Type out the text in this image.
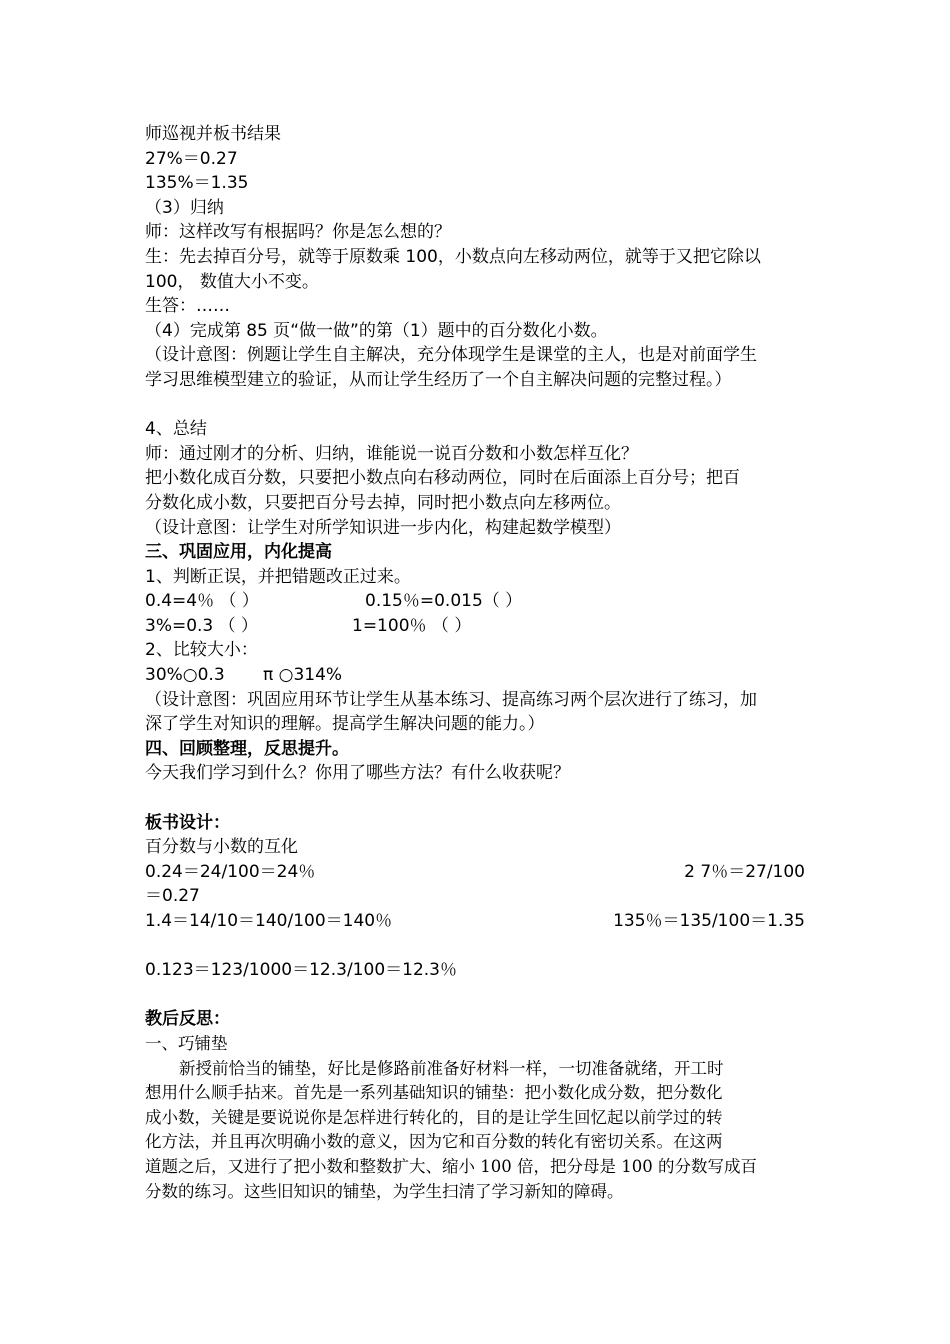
师巡视并板书结果
27%＝0.27
135%＝1.35
（3）归纳
师：这样改写有根据吗？你是怎么想的？
生：先去掉百分号，就等于原数乘 100，小数点向左移动两位，就等于又把它除以
100， 数值大小不变。
生答：……
（4）完成第 85 页“做一做”的第（1）题中的百分数化小数。
（设计意图：例题让学生自主解决，充分体现学生是课堂的主人，也是对前面学生
学习思维模型建立的验证，从而让学生经历了一个自主解决问题的完整过程。）
4、总结
师：通过刚才的分析、归纳，谁能说一说百分数和小数怎样互化？
把小数化成百分数，只要把小数点向右移动两位，同时在后面添上百分号；把百
分数化成小数，只要把百分号去掉，同时把小数点向左移两位。
（设计意图：让学生对所学知识进一步内化，构建起数学模型）
三、巩固应用，内化提高
1、判断正误，并把错题改正过来。
0.4=4％ （ ）	0.15％=0.015（ ）
3%=0.3 （ ）	1=100％ （ ）
2、比较大小：
30%○0.3	π ○314%
（设计意图：巩固应用环节让学生从基本练习、提高练习两个层次进行了练习，加
深了学生对知识的理解。提高学生解决问题的能力。）
四、回顾整理，反思提升。
今天我们学习到什么？你用了哪些方法？有什么收获呢？
板书设计：
百分数与小数的互化
0.24＝24/100＝24％	2 7％＝27/100
＝0.27
1.4＝14/10＝140/100＝140％	135％＝135/100＝1.35
0.123＝123/1000＝12.3/100＝12.3％
教后反思：
一、巧铺垫
新授前恰当的铺垫，好比是修路前准备好材料一样，一切准备就绪，开工时
想用什么顺手拈来。首先是一系列基础知识的铺垫：把小数化成分数，把分数化
成小数，关键是要说说你是怎样进行转化的，目的是让学生回忆起以前学过的转
化方法，并且再次明确小数的意义，因为它和百分数的转化有密切关系。在这两
道题之后，又进行了把小数和整数扩大、缩小 100 倍，把分母是 100 的分数写成百
分数的练习。这些旧知识的铺垫，为学生扫清了学习新知的障碍。
